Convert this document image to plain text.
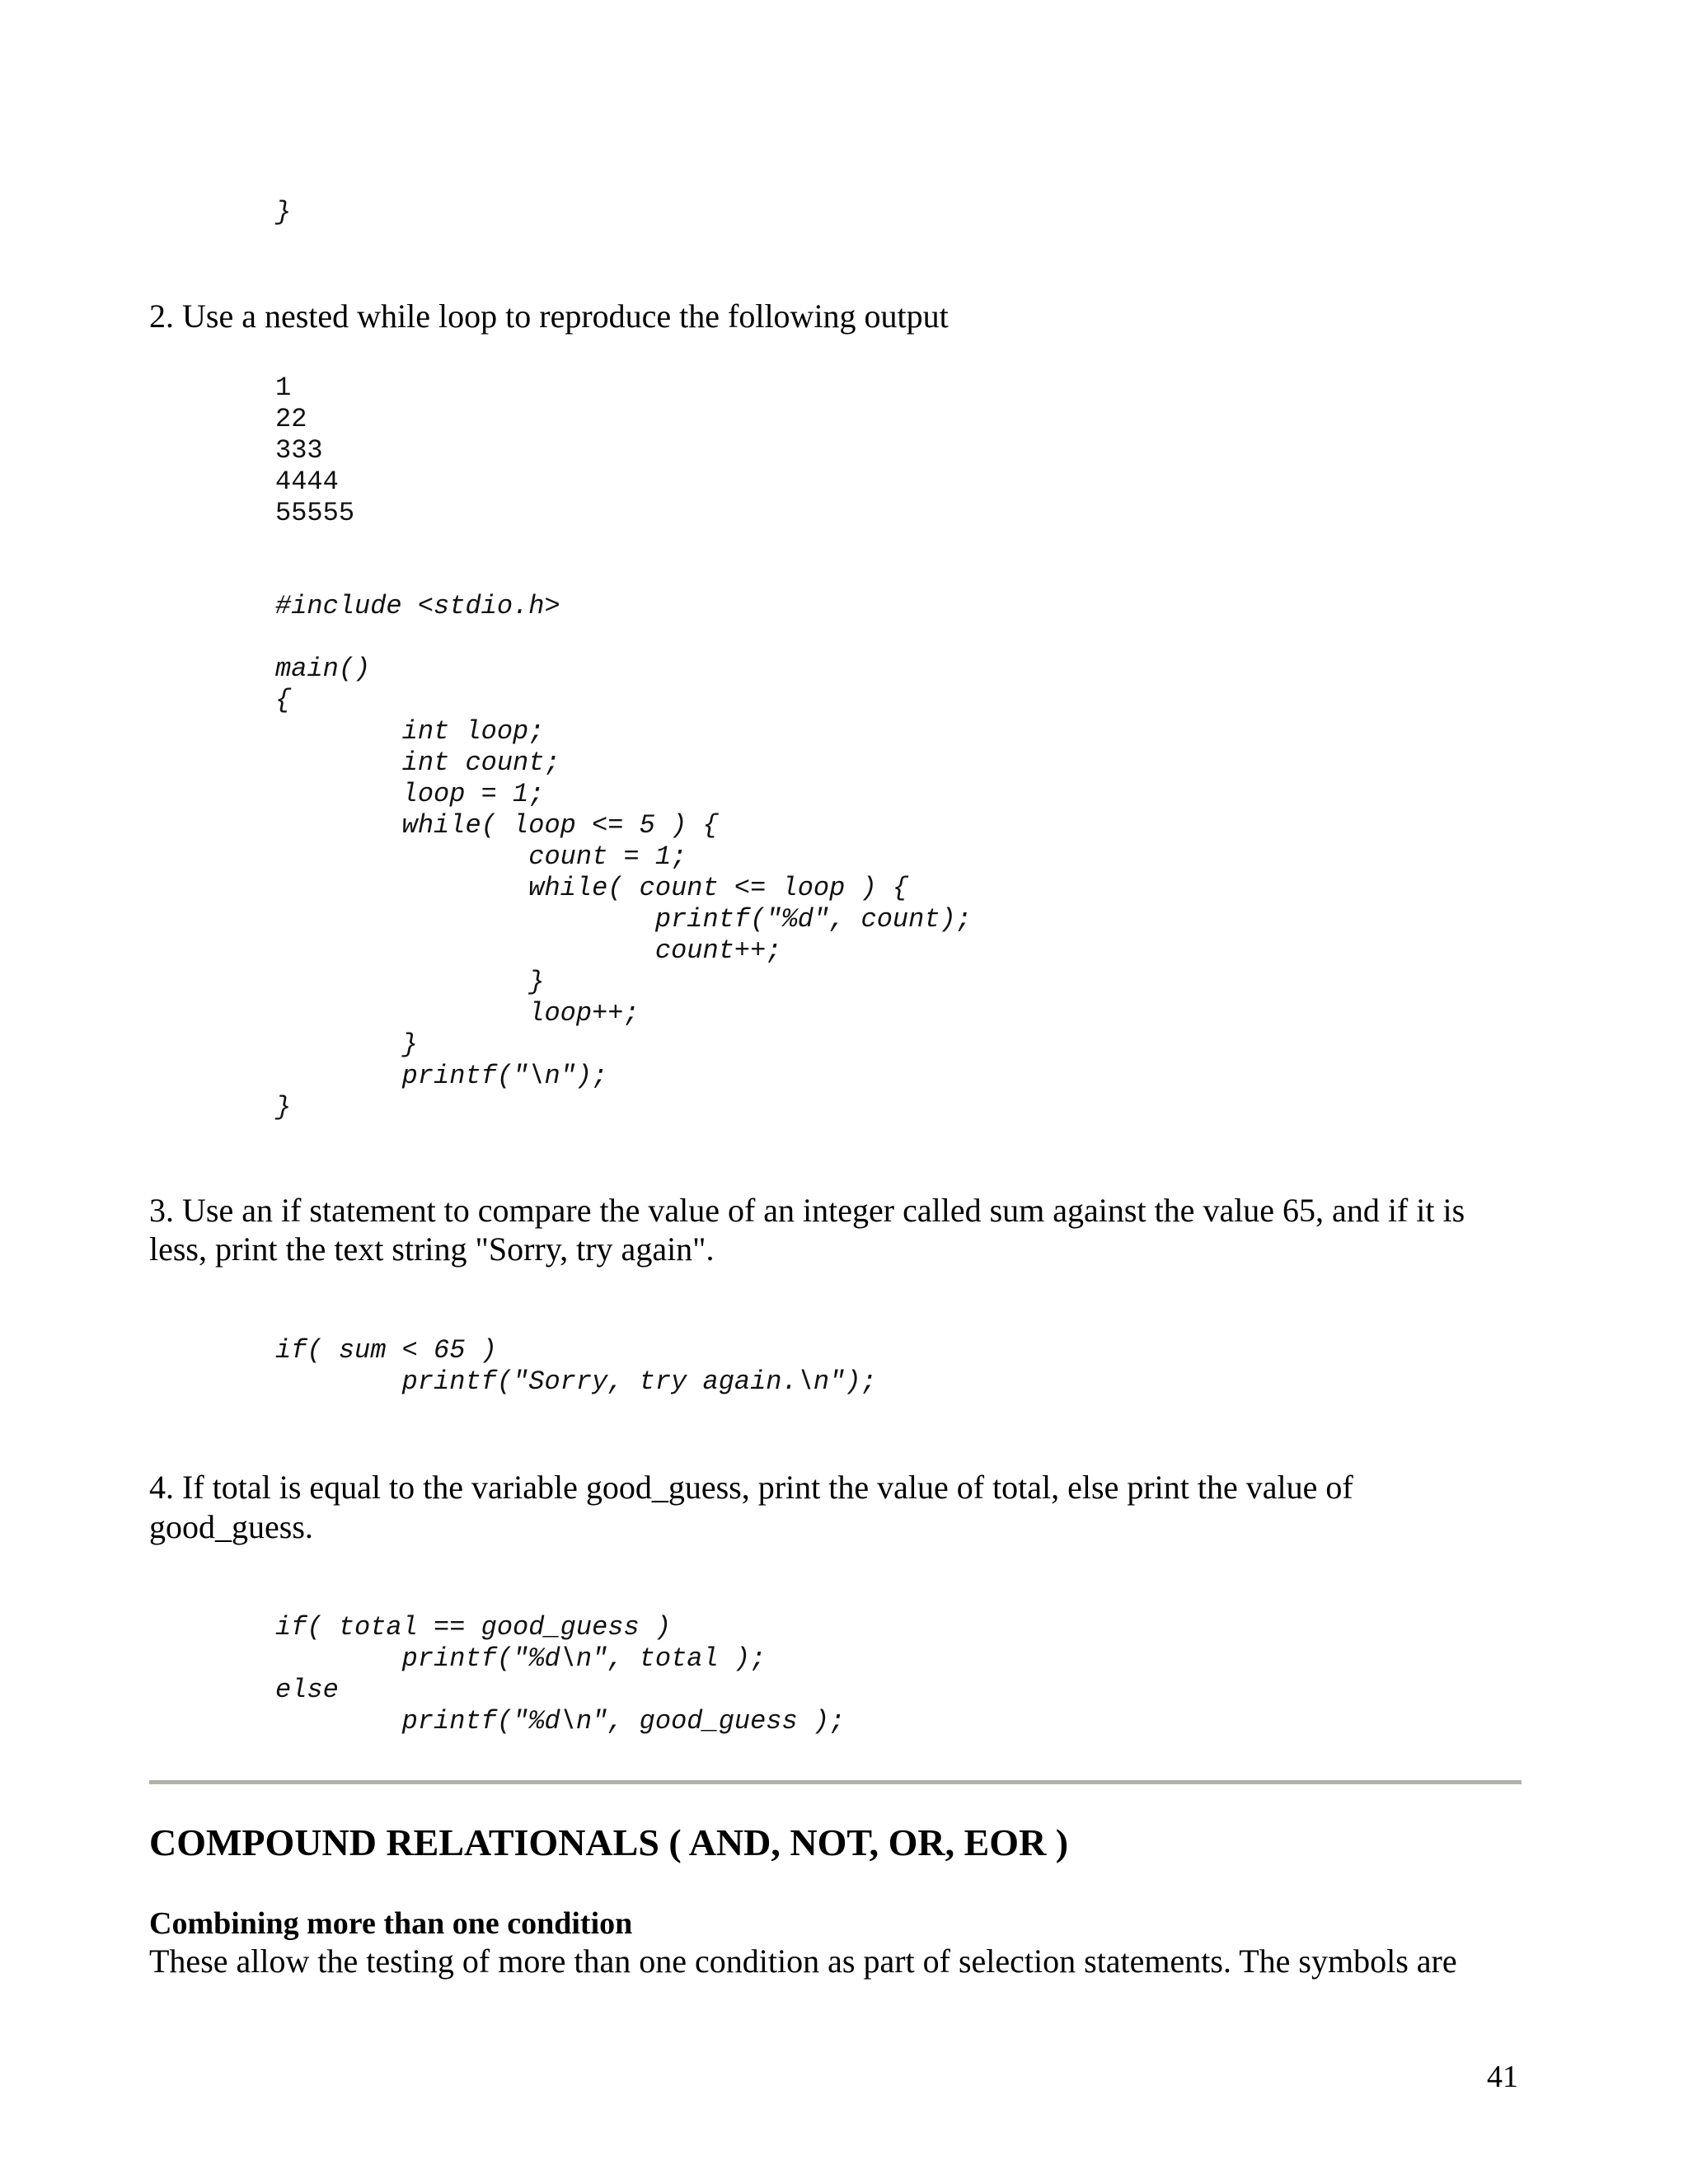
}

2. Use a nested while loop to reproduce the following output

1
22
333
4444
55555
#include <stdio.h>
main()
{
int loop;
int count;
loop = 1;
while( loop <= 5 ) {
count = 1;
while( count <= loop ) {
printf("%d", count);
count++;
}
loop++;
}
printf("\n");
}

3. Use an if statement to compare the value of an integer called sum against the value 65, and if it is

less, print the text string "Sorry, try again".

if( sum < 65 )
printf("Sorry, try again.\n");

4. If total is equal to the variable good_guess, print the value of total, else print the value of

good_guess.

if( total == good_guess )
printf("%d\n", total );
else
printf("%d\n", good_guess );
COMPOUND RELATIONALS ( AND, NOT, OR, EOR )
Combining more than one condition

These allow the testing of more than one condition as part of selection statements. The symbols are

41
